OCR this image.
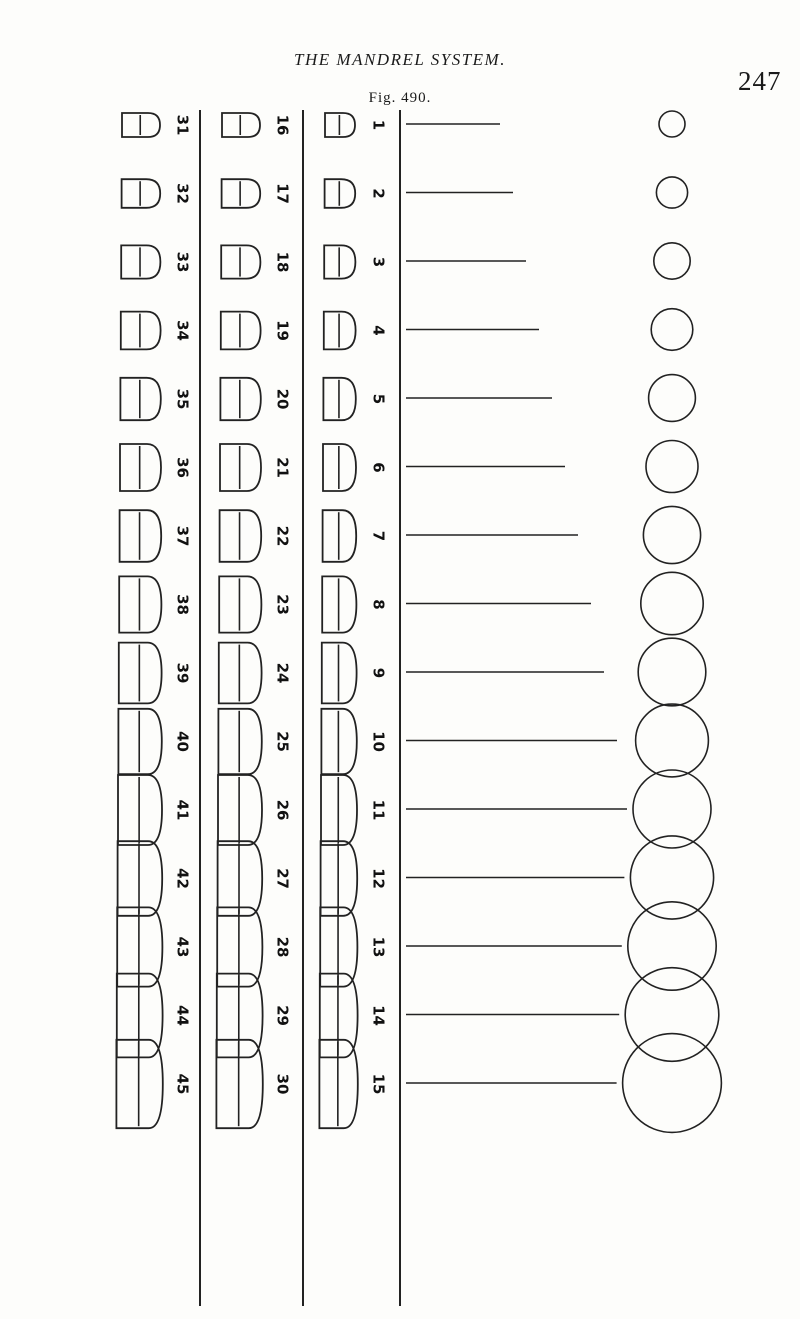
THE MANDREL SYSTEM.
247
Fig. 490.
31
32
33
34
35
36
37
38
39
40
41
42
43
44
45
16
17
18
19
20
21
22
23
24
25
26
27
28
29
30
1
2
3
4
5
6
7
8
9
10
11
12
13
14
15
